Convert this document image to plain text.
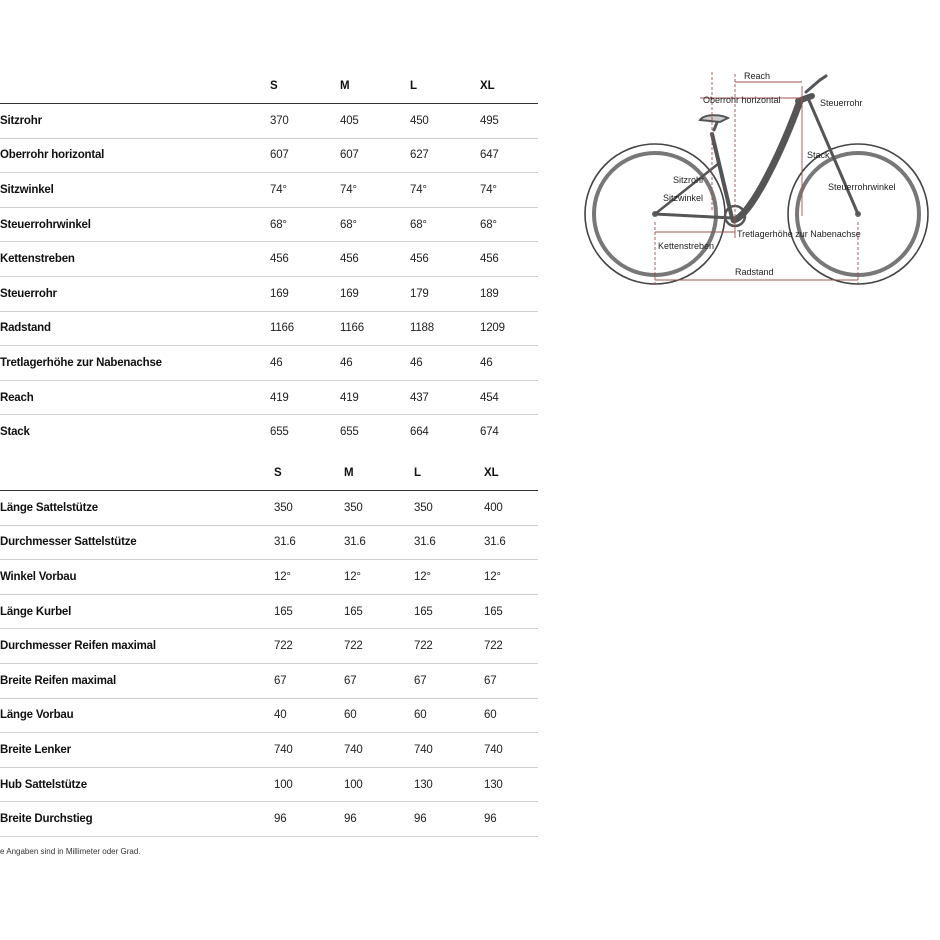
	S	M	L	XL
Sitzrohr	370	405	450	495
Oberrohr horizontal	607	607	627	647
Sitzwinkel	74°	74°	74°	74°
Steuerrohrwinkel	68°	68°	68°	68°
Kettenstreben	456	456	456	456
Steuerrohr	169	169	179	189
Radstand	1166	1166	1188	1209
Tretlagerhöhe zur Nabenachse	46	46	46	46
Reach	419	419	437	454
Stack	655	655	664	674
	S	M	L	XL
Länge Sattelstütze	350	350	350	400
Durchmesser Sattelstütze	31.6	31.6	31.6	31.6
Winkel Vorbau	12°	12°	12°	12°
Länge Kurbel	165	165	165	165
Durchmesser Reifen maximal	722	722	722	722
Breite Reifen maximal	67	67	67	67
Länge Vorbau	40	60	60	60
Breite Lenker	740	740	740	740
Hub Sattelstütze	100	100	130	130
Breite Durchstieg	96	96	96	96
e Angaben sind in Millimeter oder Grad.
Reach
Oberrohr horizontal	Steuerrohr
Stack
Sitzrohr
Sitzwinkel
Steuerrohrwinkel
Kettenstreben
Tretlagerhöhe zur Nabenachse
Radstand
